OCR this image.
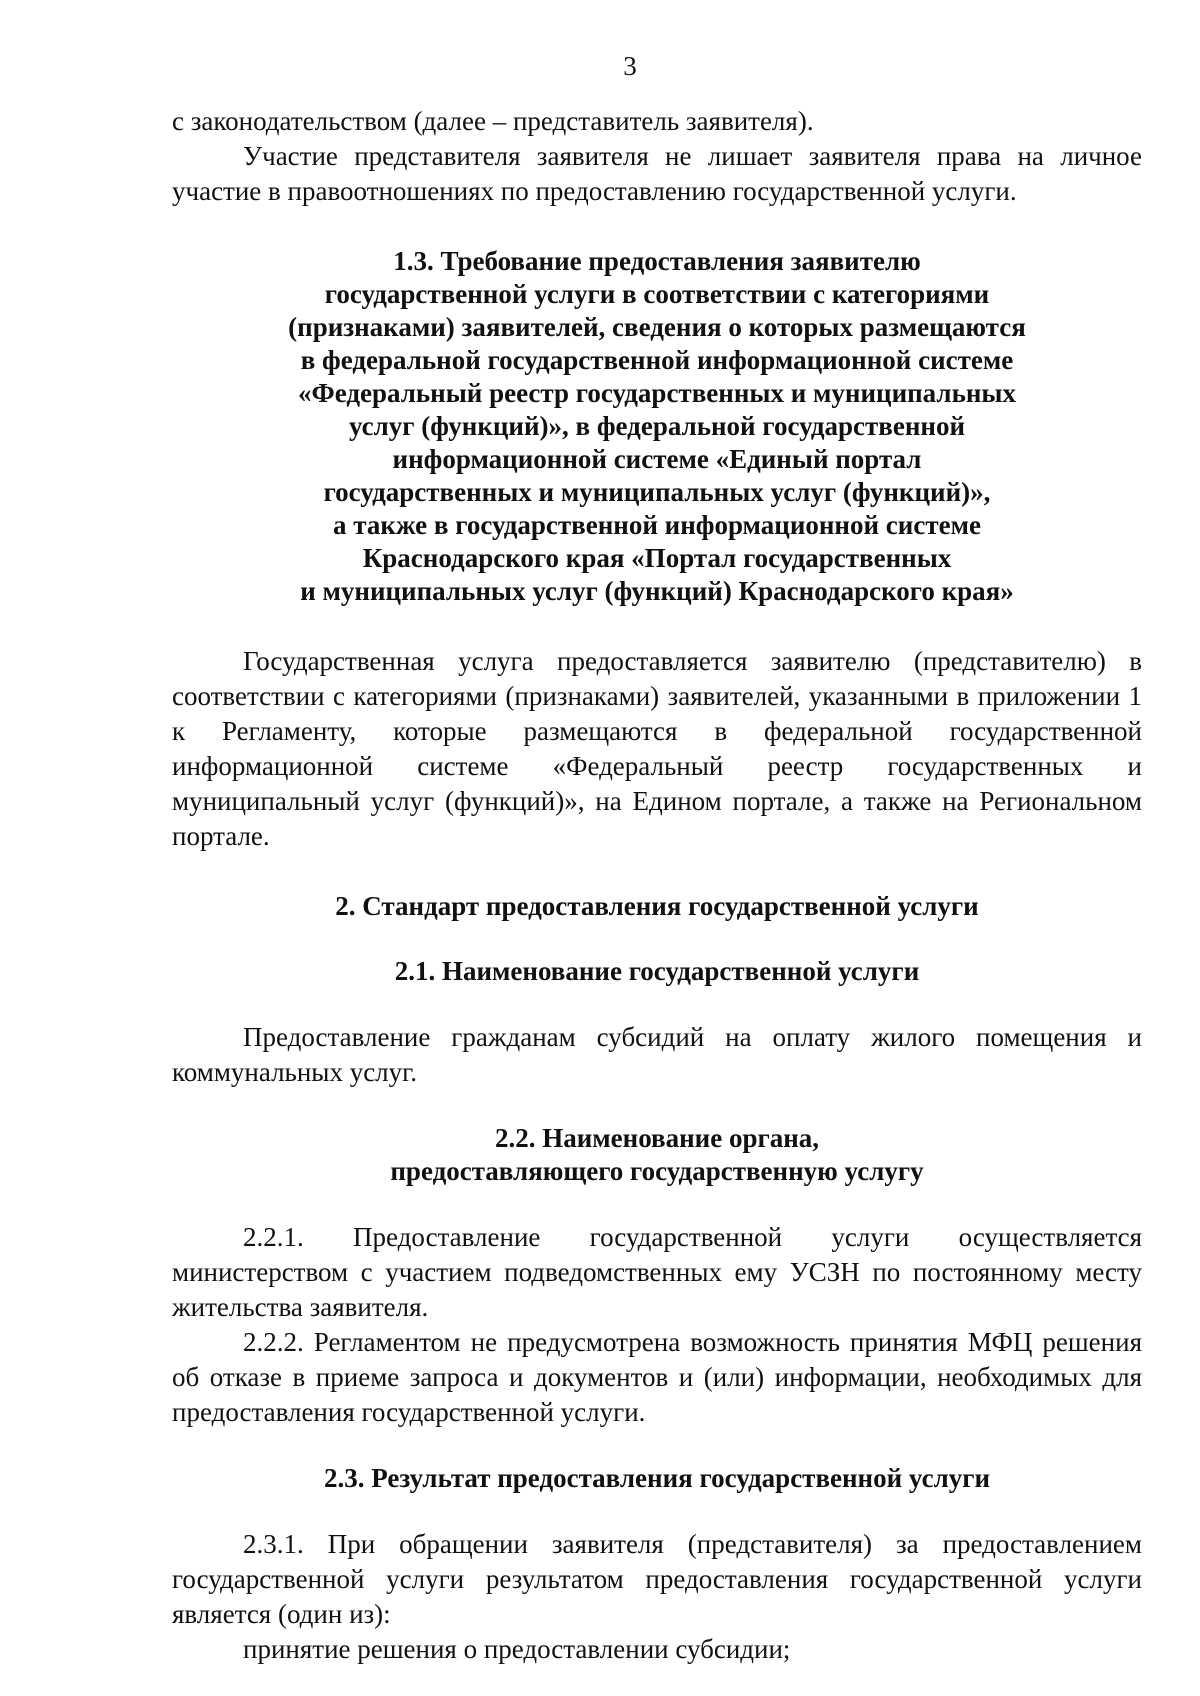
3

с законодательством (далее – представитель заявителя).

Участие представителя заявителя не лишает заявителя права на личное участие в правоотношениях по предоставлению государственной услуги.

1.3. Требование предоставления заявителю
государственной услуги в соответствии с категориями
(признаками) заявителей, сведения о которых размещаются
в федеральной государственной информационной системе
«Федеральный реестр государственных и муниципальных
услуг (функций)», в федеральной государственной
информационной системе «Единый портал
государственных и муниципальных услуг (функций)»,
а также в государственной информационной системе
Краснодарского края «Портал государственных
и муниципальных услуг (функций) Краснодарского края»

Государственная услуга предоставляется заявителю (представителю) в соответствии с категориями (признаками) заявителей, указанными в приложении 1 к Регламенту, которые размещаются в федеральной государственной информационной системе «Федеральный реестр государственных и муниципальный услуг (функций)», на Едином портале, а также на Региональном портале.

2. Стандарт предоставления государственной услуги
2.1. Наименование государственной услуги

Предоставление гражданам субсидий на оплату жилого помещения и коммунальных услуг.

2.2. Наименование органа,
предоставляющего государственную услугу

2.2.1. Предоставление государственной услуги осуществляется министерством с участием подведомственных ему УСЗН по постоянному месту жительства заявителя.

2.2.2. Регламентом не предусмотрена возможность принятия МФЦ решения об отказе в приеме запроса и документов и (или) информации, необходимых для предоставления государственной услуги.

2.3. Результат предоставления государственной услуги

2.3.1. При обращении заявителя (представителя) за предоставлением государственной услуги результатом предоставления государственной услуги является (один из):

принятие решения о предоставлении субсидии;
